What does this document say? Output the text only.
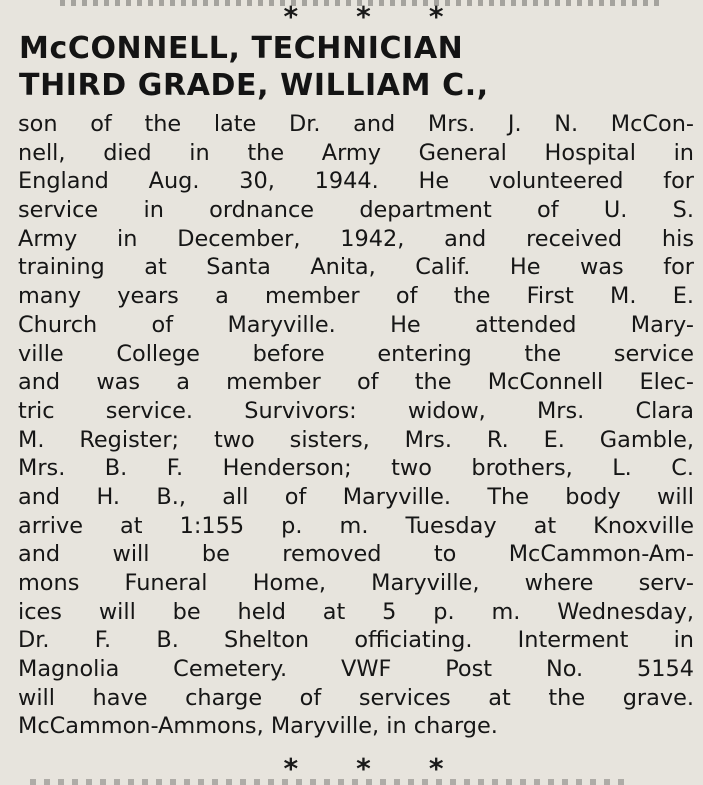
* * *
McCONNELL, TECHNICIAN
THIRD GRADE, WILLIAM C.,
son of the late Dr. and Mrs. J. N. McCon-
nell, died in the Army General Hospital in
England Aug. 30, 1944. He volunteered for
service in ordnance department of U. S.
Army in December, 1942, and received his
training at Santa Anita, Calif. He was for
many years a member of the First M. E.
Church of Maryville. He attended Mary-
ville College before entering the service
and was a member of the McConnell Elec-
tric service. Survivors: widow, Mrs. Clara
M. Register; two sisters, Mrs. R. E. Gamble,
Mrs. B. F. Henderson; two brothers, L. C.
and H. B., all of Maryville. The body will
arrive at 1:155 p. m. Tuesday at Knoxville
and will be removed to McCammon-Am-
mons Funeral Home, Maryville, where serv-
ices will be held at 5 p. m. Wednesday,
Dr. F. B. Shelton officiating. Interment in
Magnolia Cemetery. VWF Post No. 5154
will have charge of services at the grave.
McCammon-Ammons, Maryville, in charge.
* * *
